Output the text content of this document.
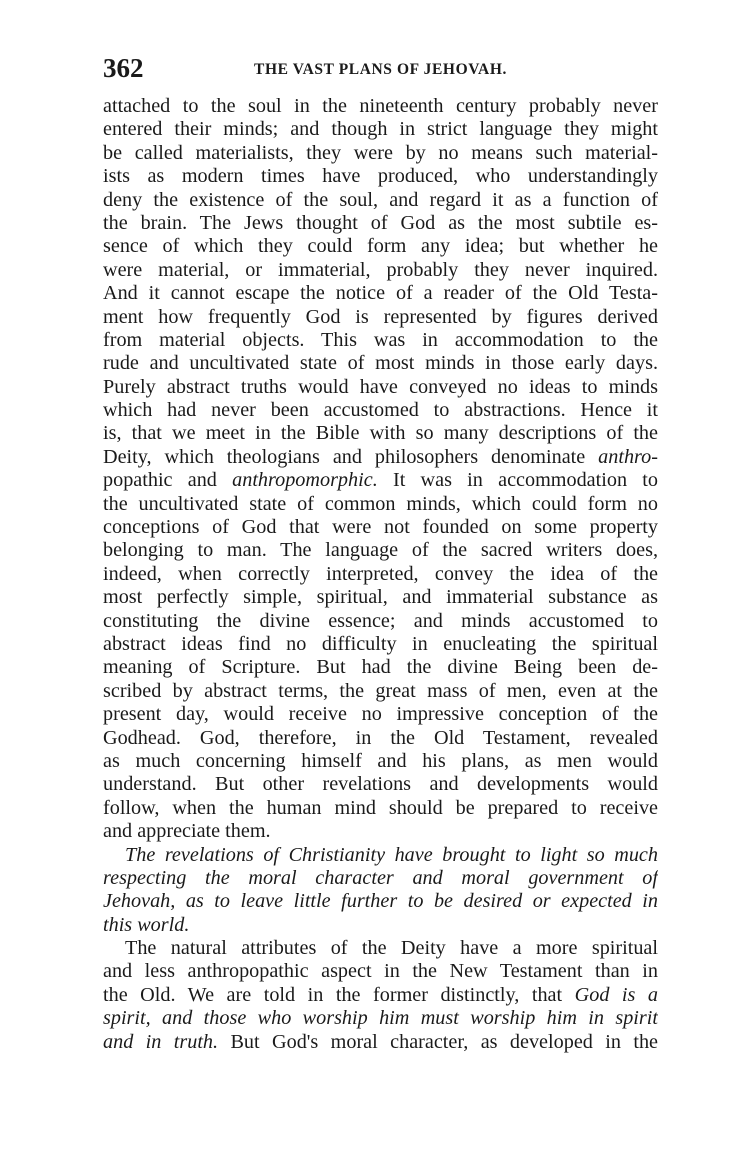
362	THE VAST PLANS OF JEHOVAH.
attached to the soul in the nineteenth century probably never
entered their minds; and though in strict language they might
be called materialists, they were by no means such material-
ists as modern times have produced, who understandingly
deny the existence of the soul, and regard it as a function of
the brain. The Jews thought of God as the most subtile es-
sence of which they could form any idea; but whether he
were material, or immaterial, probably they never inquired.
And it cannot escape the notice of a reader of the Old Testa-
ment how frequently God is represented by figures derived
from material objects. This was in accommodation to the
rude and uncultivated state of most minds in those early days.
Purely abstract truths would have conveyed no ideas to minds
which had never been accustomed to abstractions. Hence it
is, that we meet in the Bible with so many descriptions of the
Deity, which theologians and philosophers denominate anthro-
popathic and anthropomorphic. It was in accommodation to
the uncultivated state of common minds, which could form no
conceptions of God that were not founded on some property
belonging to man. The language of the sacred writers does,
indeed, when correctly interpreted, convey the idea of the
most perfectly simple, spiritual, and immaterial substance as
constituting the divine essence; and minds accustomed to
abstract ideas find no difficulty in enucleating the spiritual
meaning of Scripture. But had the divine Being been de-
scribed by abstract terms, the great mass of men, even at the
present day, would receive no impressive conception of the
Godhead. God, therefore, in the Old Testament, revealed
as much concerning himself and his plans, as men would
understand. But other revelations and developments would
follow, when the human mind should be prepared to receive
and appreciate them.
The revelations of Christianity have brought to light so much
respecting the moral character and moral government of
Jehovah, as to leave little further to be desired or expected in
this world.
The natural attributes of the Deity have a more spiritual
and less anthropopathic aspect in the New Testament than in
the Old. We are told in the former distinctly, that God is a
spirit, and those who worship him must worship him in spirit
and in truth. But God's moral character, as developed in the
